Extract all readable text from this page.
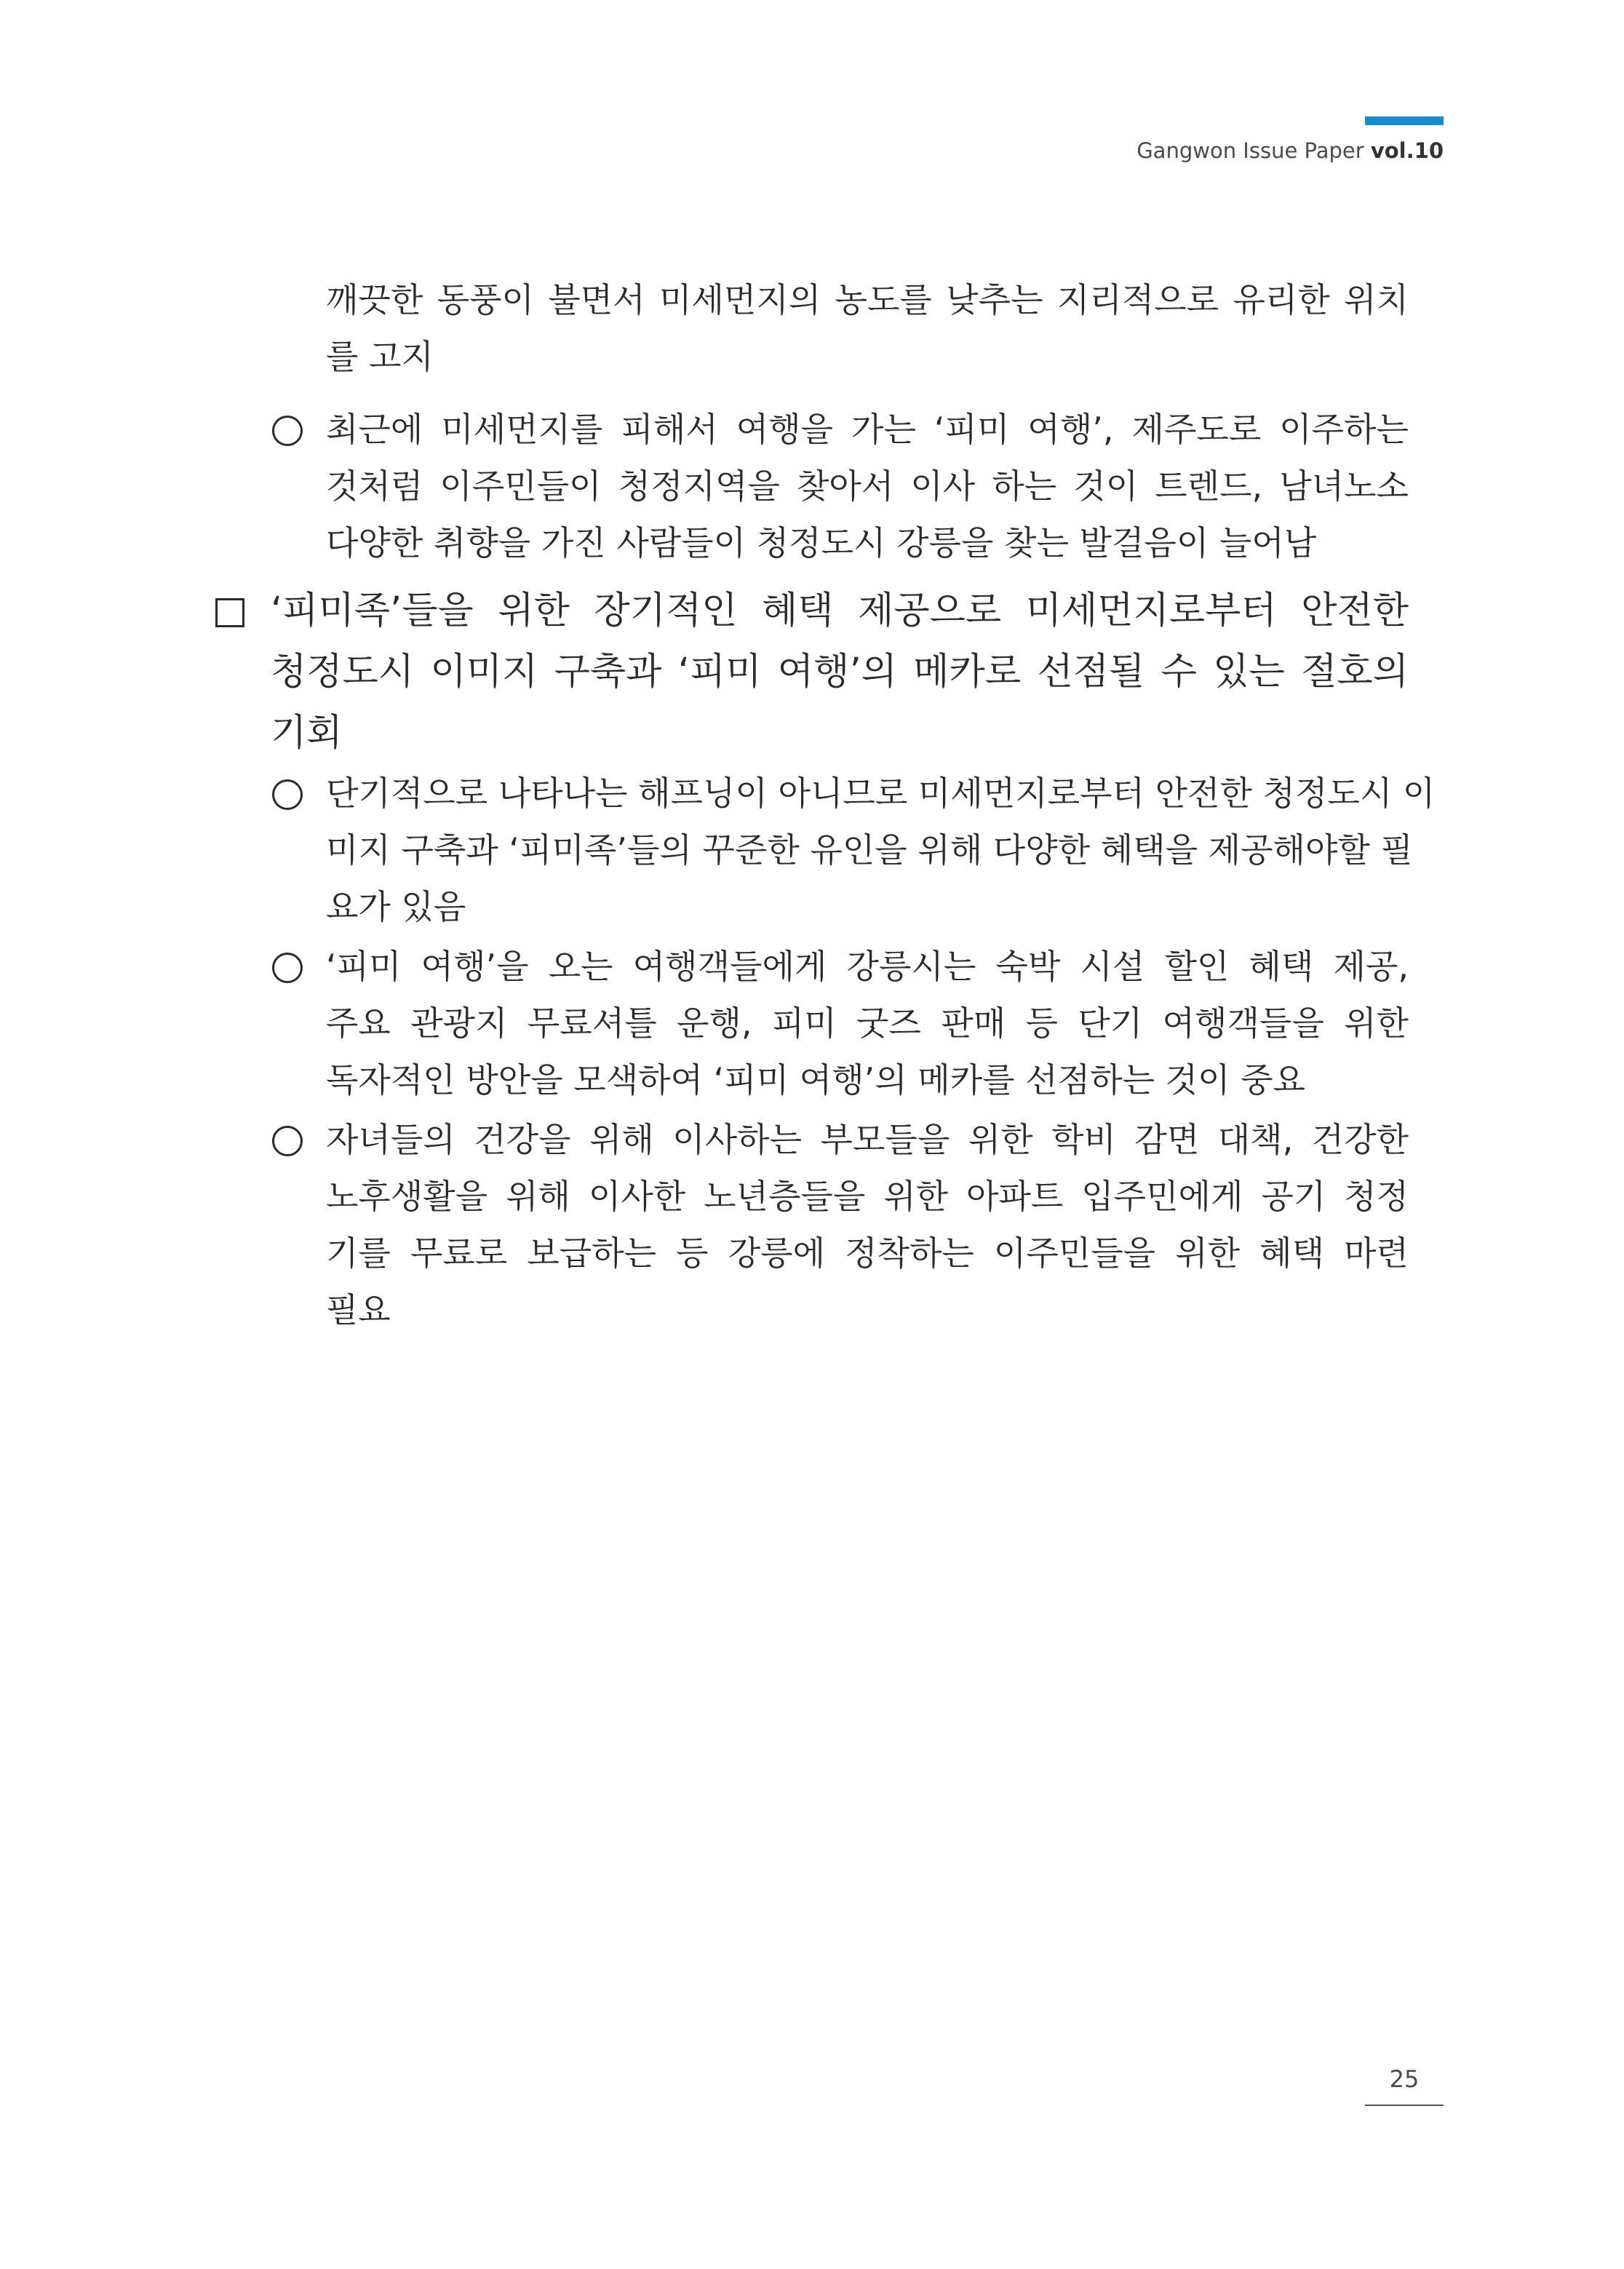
Gangwon Issue Paper vol.10
깨끗한 동풍이 불면서 미세먼지의 농도를 낮추는 지리적으로 유리한 위치
를 고지
최근에 미세먼지를 피해서 여행을 가는 ‘피미 여행’, 제주도로 이주하는
것처럼 이주민들이 청정지역을 찾아서 이사 하는 것이 트렌드, 남녀노소
다양한 취향을 가진 사람들이 청정도시 강릉을 찾는 발걸음이 늘어남
‘피미족’들을 위한 장기적인 혜택 제공으로 미세먼지로부터 안전한
청정도시 이미지 구축과 ‘피미 여행’의 메카로 선점될 수 있는 절호의
기회
단기적으로 나타나는 해프닝이 아니므로 미세먼지로부터 안전한 청정도시 이
미지 구축과 ‘피미족’들의 꾸준한 유인을 위해 다양한 혜택을 제공해야할 필
요가 있음
‘피미 여행’을 오는 여행객들에게 강릉시는 숙박 시설 할인 혜택 제공,
주요 관광지 무료셔틀 운행, 피미 굿즈 판매 등 단기 여행객들을 위한
독자적인 방안을 모색하여 ‘피미 여행’의 메카를 선점하는 것이 중요
자녀들의 건강을 위해 이사하는 부모들을 위한 학비 감면 대책, 건강한
노후생활을 위해 이사한 노년층들을 위한 아파트 입주민에게 공기 청정
기를 무료로 보급하는 등 강릉에 정착하는 이주민들을 위한 혜택 마련
필요
25
